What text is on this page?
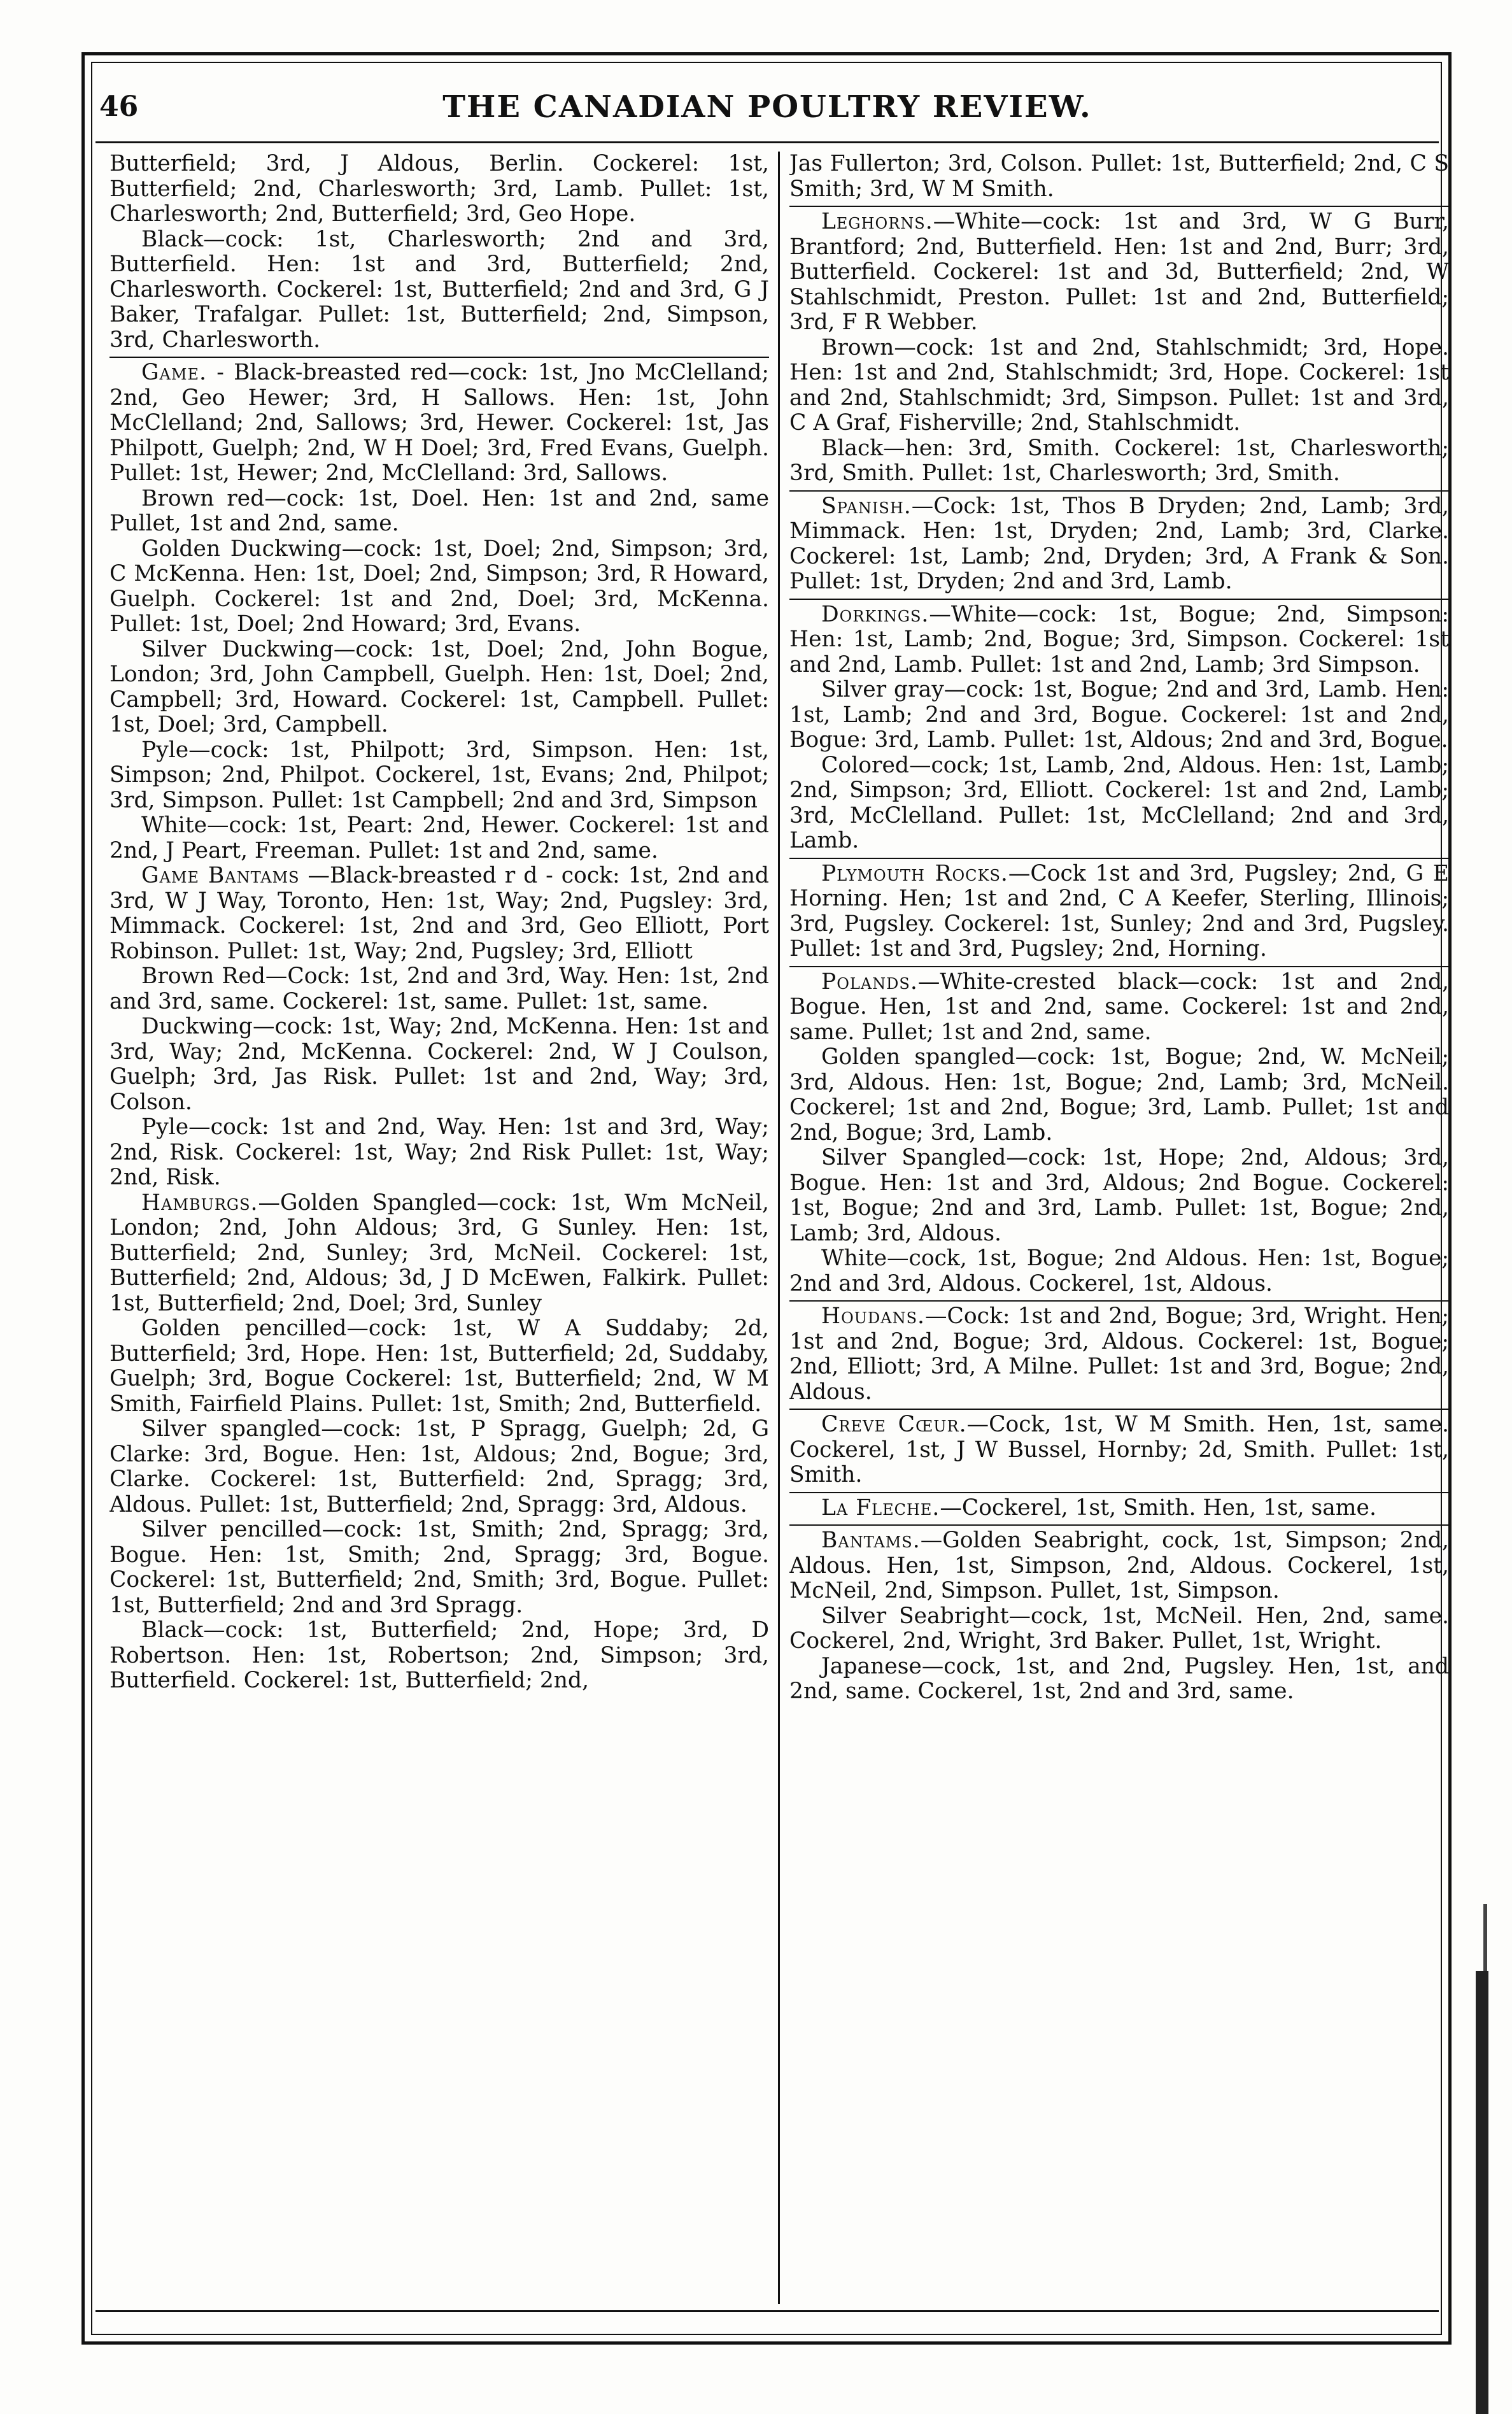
46	THE CANADIAN POULTRY REVIEW.

Butterfield; 3rd, J Aldous, Berlin. Cockerel: 1st, Butterfield; 2nd, Charlesworth; 3rd, Lamb. Pullet: 1st, Charlesworth; 2nd, Butterfield; 3rd, Geo Hope.

Black—cock: 1st, Charlesworth; 2nd and 3rd, Butterfield. Hen: 1st and 3rd, Butterfield; 2nd, Charlesworth. Cockerel: 1st, Butterfield; 2nd and 3rd, G J Baker, Trafalgar. Pullet: 1st, Butterfield; 2nd, Simpson, 3rd, Charlesworth.

Game. - Black-breasted red—cock: 1st, Jno McClelland; 2nd, Geo Hewer; 3rd, H Sallows. Hen: 1st, John McClelland; 2nd, Sallows; 3rd, Hewer. Cockerel: 1st, Jas Philpott, Guelph; 2nd, W H Doel; 3rd, Fred Evans, Guelph. Pullet: 1st, Hewer; 2nd, McClelland: 3rd, Sallows.

Brown red—cock: 1st, Doel. Hen: 1st and 2nd, same Pullet, 1st and 2nd, same.

Golden Duckwing—cock: 1st, Doel; 2nd, Simpson; 3rd, C McKenna. Hen: 1st, Doel; 2nd, Simpson; 3rd, R Howard, Guelph. Cockerel: 1st and 2nd, Doel; 3rd, McKenna. Pullet: 1st, Doel; 2nd Howard; 3rd, Evans.

Silver Duckwing—cock: 1st, Doel; 2nd, John Bogue, London; 3rd, John Campbell, Guelph. Hen: 1st, Doel; 2nd, Campbell; 3rd, Howard. Cockerel: 1st, Campbell. Pullet: 1st, Doel; 3rd, Campbell.

Pyle—cock: 1st, Philpott; 3rd, Simpson. Hen: 1st, Simpson; 2nd, Philpot. Cockerel, 1st, Evans; 2nd, Philpot; 3rd, Simpson. Pullet: 1st Campbell; 2nd and 3rd, Simpson

White—cock: 1st, Peart: 2nd, Hewer. Cockerel: 1st and 2nd, J Peart, Freeman. Pullet: 1st and 2nd, same.

Game Bantams —Black-breasted r d - cock: 1st, 2nd and 3rd, W J Way, Toronto, Hen: 1st, Way; 2nd, Pugsley: 3rd, Mimmack. Cockerel: 1st, 2nd and 3rd, Geo Elliott, Port Robinson. Pullet: 1st, Way; 2nd, Pugsley; 3rd, Elliott

Brown Red—Cock: 1st, 2nd and 3rd, Way. Hen: 1st, 2nd and 3rd, same. Cockerel: 1st, same. Pullet: 1st, same.

Duckwing—cock: 1st, Way; 2nd, McKenna. Hen: 1st and 3rd, Way; 2nd, McKenna. Cockerel: 2nd, W J Coulson, Guelph; 3rd, Jas Risk. Pullet: 1st and 2nd, Way; 3rd, Colson.

Pyle—cock: 1st and 2nd, Way. Hen: 1st and 3rd, Way; 2nd, Risk. Cockerel: 1st, Way; 2nd Risk Pullet: 1st, Way; 2nd, Risk.

Hamburgs.—Golden Spangled—cock: 1st, Wm McNeil, London; 2nd, John Aldous; 3rd, G Sunley. Hen: 1st, Butterfield; 2nd, Sunley; 3rd, McNeil. Cockerel: 1st, Butterfield; 2nd, Aldous; 3d, J D McEwen, Falkirk. Pullet: 1st, Butterfield; 2nd, Doel; 3rd, Sunley

Golden pencilled—cock: 1st, W A Suddaby; 2d, Butterfield; 3rd, Hope. Hen: 1st, Butterfield; 2d, Suddaby, Guelph; 3rd, Bogue Cockerel: 1st, Butterfield; 2nd, W M Smith, Fairfield Plains. Pullet: 1st, Smith; 2nd, Butterfield.

Silver spangled—cock: 1st, P Spragg, Guelph; 2d, G Clarke: 3rd, Bogue. Hen: 1st, Aldous; 2nd, Bogue; 3rd, Clarke. Cockerel: 1st, Butterfield: 2nd, Spragg; 3rd, Aldous. Pullet: 1st, Butterfield; 2nd, Spragg: 3rd, Aldous.

Silver pencilled—cock: 1st, Smith; 2nd, Spragg; 3rd, Bogue. Hen: 1st, Smith; 2nd, Spragg; 3rd, Bogue. Cockerel: 1st, Butterfield; 2nd, Smith; 3rd, Bogue. Pullet: 1st, Butterfield; 2nd and 3rd Spragg.

Black—cock: 1st, Butterfield; 2nd, Hope; 3rd, D Robertson. Hen: 1st, Robertson; 2nd, Simpson; 3rd, Butterfield. Cockerel: 1st, Butterfield; 2nd,

Jas Fullerton; 3rd, Colson. Pullet: 1st, Butterfield; 2nd, C S Smith; 3rd, W M Smith.

Leghorns.—White—cock: 1st and 3rd, W G Burr, Brantford; 2nd, Butterfield. Hen: 1st and 2nd, Burr; 3rd, Butterfield. Cockerel: 1st and 3d, Butterfield; 2nd, W Stahlschmidt, Preston. Pullet: 1st and 2nd, Butterfield; 3rd, F R Webber.

Brown—cock: 1st and 2nd, Stahlschmidt; 3rd, Hope. Hen: 1st and 2nd, Stahlschmidt; 3rd, Hope. Cockerel: 1st and 2nd, Stahlschmidt; 3rd, Simpson. Pullet: 1st and 3rd, C A Graf, Fisherville; 2nd, Stahlschmidt.

Black—hen: 3rd, Smith. Cockerel: 1st, Charlesworth; 3rd, Smith. Pullet: 1st, Charlesworth; 3rd, Smith.

Spanish.—Cock: 1st, Thos B Dryden; 2nd, Lamb; 3rd, Mimmack. Hen: 1st, Dryden; 2nd, Lamb; 3rd, Clarke. Cockerel: 1st, Lamb; 2nd, Dryden; 3rd, A Frank & Son. Pullet: 1st, Dryden; 2nd and 3rd, Lamb.

Dorkings.—White—cock: 1st, Bogue; 2nd, Simpson: Hen: 1st, Lamb; 2nd, Bogue; 3rd, Simpson. Cockerel: 1st and 2nd, Lamb. Pullet: 1st and 2nd, Lamb; 3rd Simpson.

Silver gray—cock: 1st, Bogue; 2nd and 3rd, Lamb. Hen: 1st, Lamb; 2nd and 3rd, Bogue. Cockerel: 1st and 2nd, Bogue: 3rd, Lamb. Pullet: 1st, Aldous; 2nd and 3rd, Bogue.

Colored—cock; 1st, Lamb, 2nd, Aldous. Hen: 1st, Lamb; 2nd, Simpson; 3rd, Elliott. Cockerel: 1st and 2nd, Lamb; 3rd, McClelland. Pullet: 1st, McClelland; 2nd and 3rd, Lamb.

Plymouth Rocks.—Cock 1st and 3rd, Pugsley; 2nd, G E Horning. Hen; 1st and 2nd, C A Keefer, Sterling, Illinois; 3rd, Pugsley. Cockerel: 1st, Sunley; 2nd and 3rd, Pugsley. Pullet: 1st and 3rd, Pugsley; 2nd, Horning.

Polands.—White-crested black—cock: 1st and 2nd, Bogue. Hen, 1st and 2nd, same. Cockerel: 1st and 2nd, same. Pullet; 1st and 2nd, same.

Golden spangled—cock: 1st, Bogue; 2nd, W. McNeil; 3rd, Aldous. Hen: 1st, Bogue; 2nd, Lamb; 3rd, McNeil. Cockerel; 1st and 2nd, Bogue; 3rd, Lamb. Pullet; 1st and 2nd, Bogue; 3rd, Lamb.

Silver Spangled—cock: 1st, Hope; 2nd, Aldous; 3rd, Bogue. Hen: 1st and 3rd, Aldous; 2nd Bogue. Cockerel: 1st, Bogue; 2nd and 3rd, Lamb. Pullet: 1st, Bogue; 2nd, Lamb; 3rd, Aldous.

White—cock, 1st, Bogue; 2nd Aldous. Hen: 1st, Bogue; 2nd and 3rd, Aldous. Cockerel, 1st, Aldous.

Houdans.—Cock: 1st and 2nd, Bogue; 3rd, Wright. Hen; 1st and 2nd, Bogue; 3rd, Aldous. Cockerel: 1st, Bogue; 2nd, Elliott; 3rd, A Milne. Pullet: 1st and 3rd, Bogue; 2nd, Aldous.

Creve Cœur.—Cock, 1st, W M Smith. Hen, 1st, same. Cockerel, 1st, J W Bussel, Hornby; 2d, Smith. Pullet: 1st, Smith.

La Fleche.—Cockerel, 1st, Smith. Hen, 1st, same.

Bantams.—Golden Seabright, cock, 1st, Simpson; 2nd, Aldous. Hen, 1st, Simpson, 2nd, Aldous. Cockerel, 1st, McNeil, 2nd, Simpson. Pullet, 1st, Simpson.

Silver Seabright—cock, 1st, McNeil. Hen, 2nd, same. Cockerel, 2nd, Wright, 3rd Baker. Pullet, 1st, Wright.

Japanese—cock, 1st, and 2nd, Pugsley. Hen, 1st, and 2nd, same. Cockerel, 1st, 2nd and 3rd, same.
